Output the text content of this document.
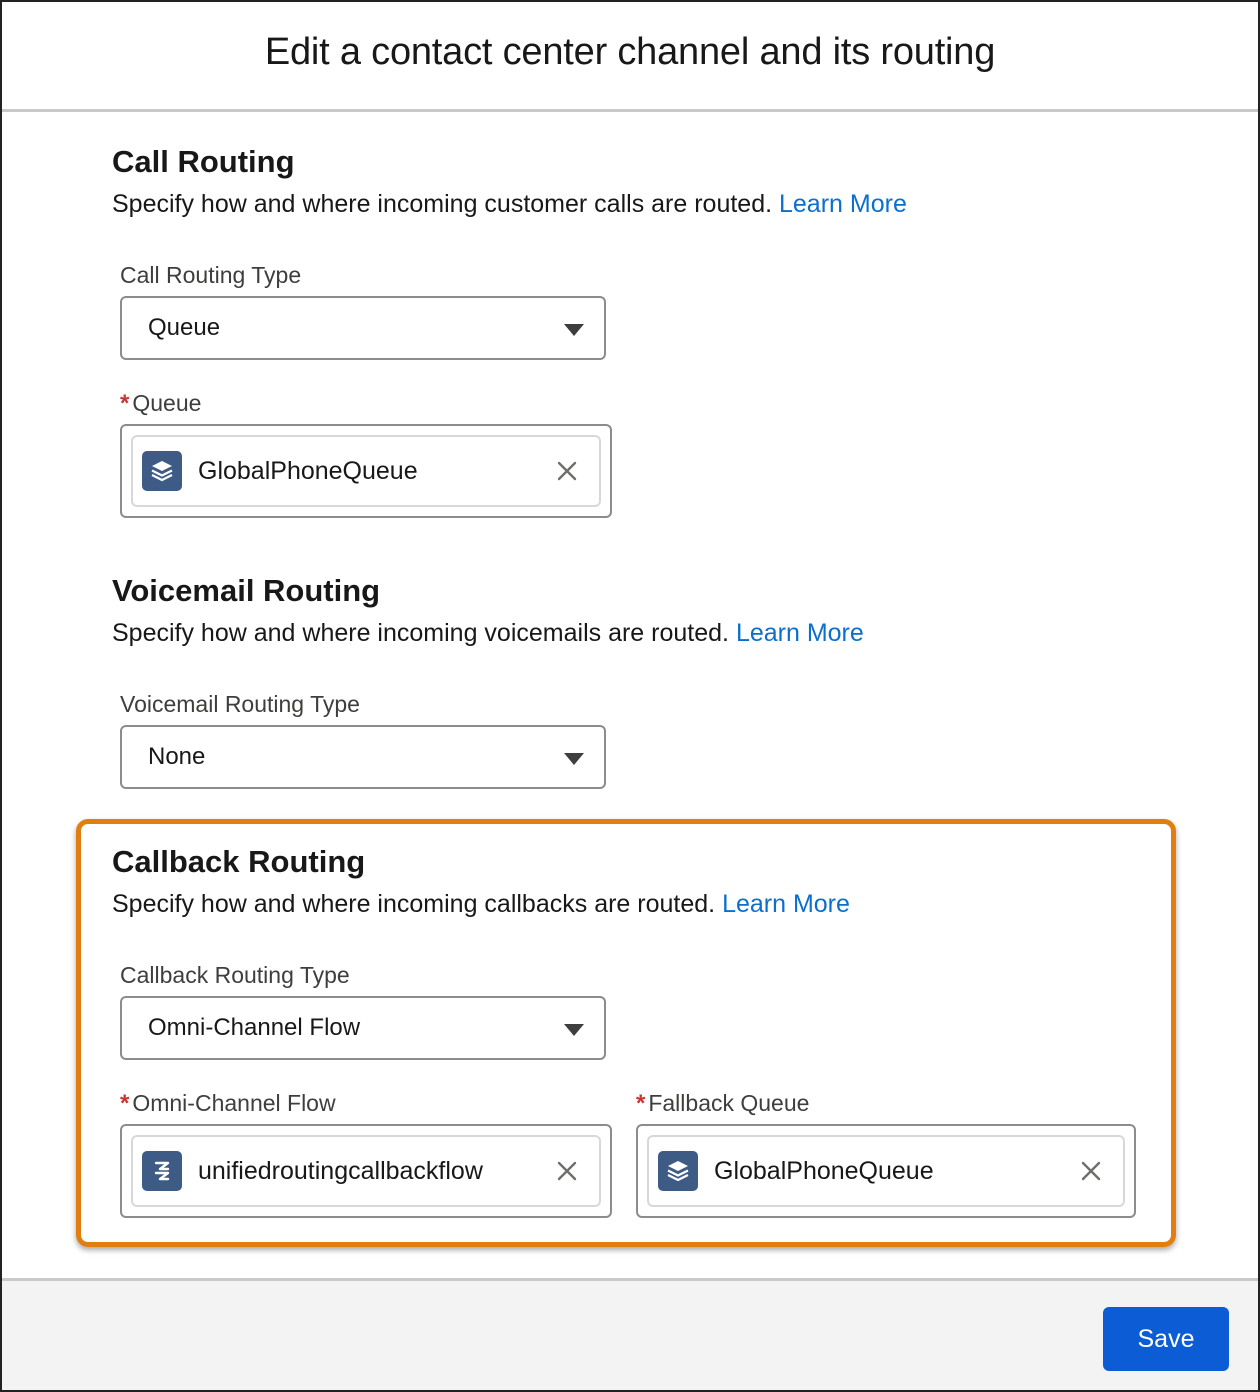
Edit a contact center channel and its routing
Call Routing
Specify how and where incoming customer calls are routed. Learn More
Call Routing Type
Queue
* Queue
GlobalPhoneQueue
Voicemail Routing
Specify how and where incoming voicemails are routed. Learn More
Voicemail Routing Type
None
Callback Routing
Specify how and where incoming callbacks are routed. Learn More
Callback Routing Type
Omni-Channel Flow
* Omni-Channel Flow
unifiedroutingcallbackflow
* Fallback Queue
GlobalPhoneQueue
Save
